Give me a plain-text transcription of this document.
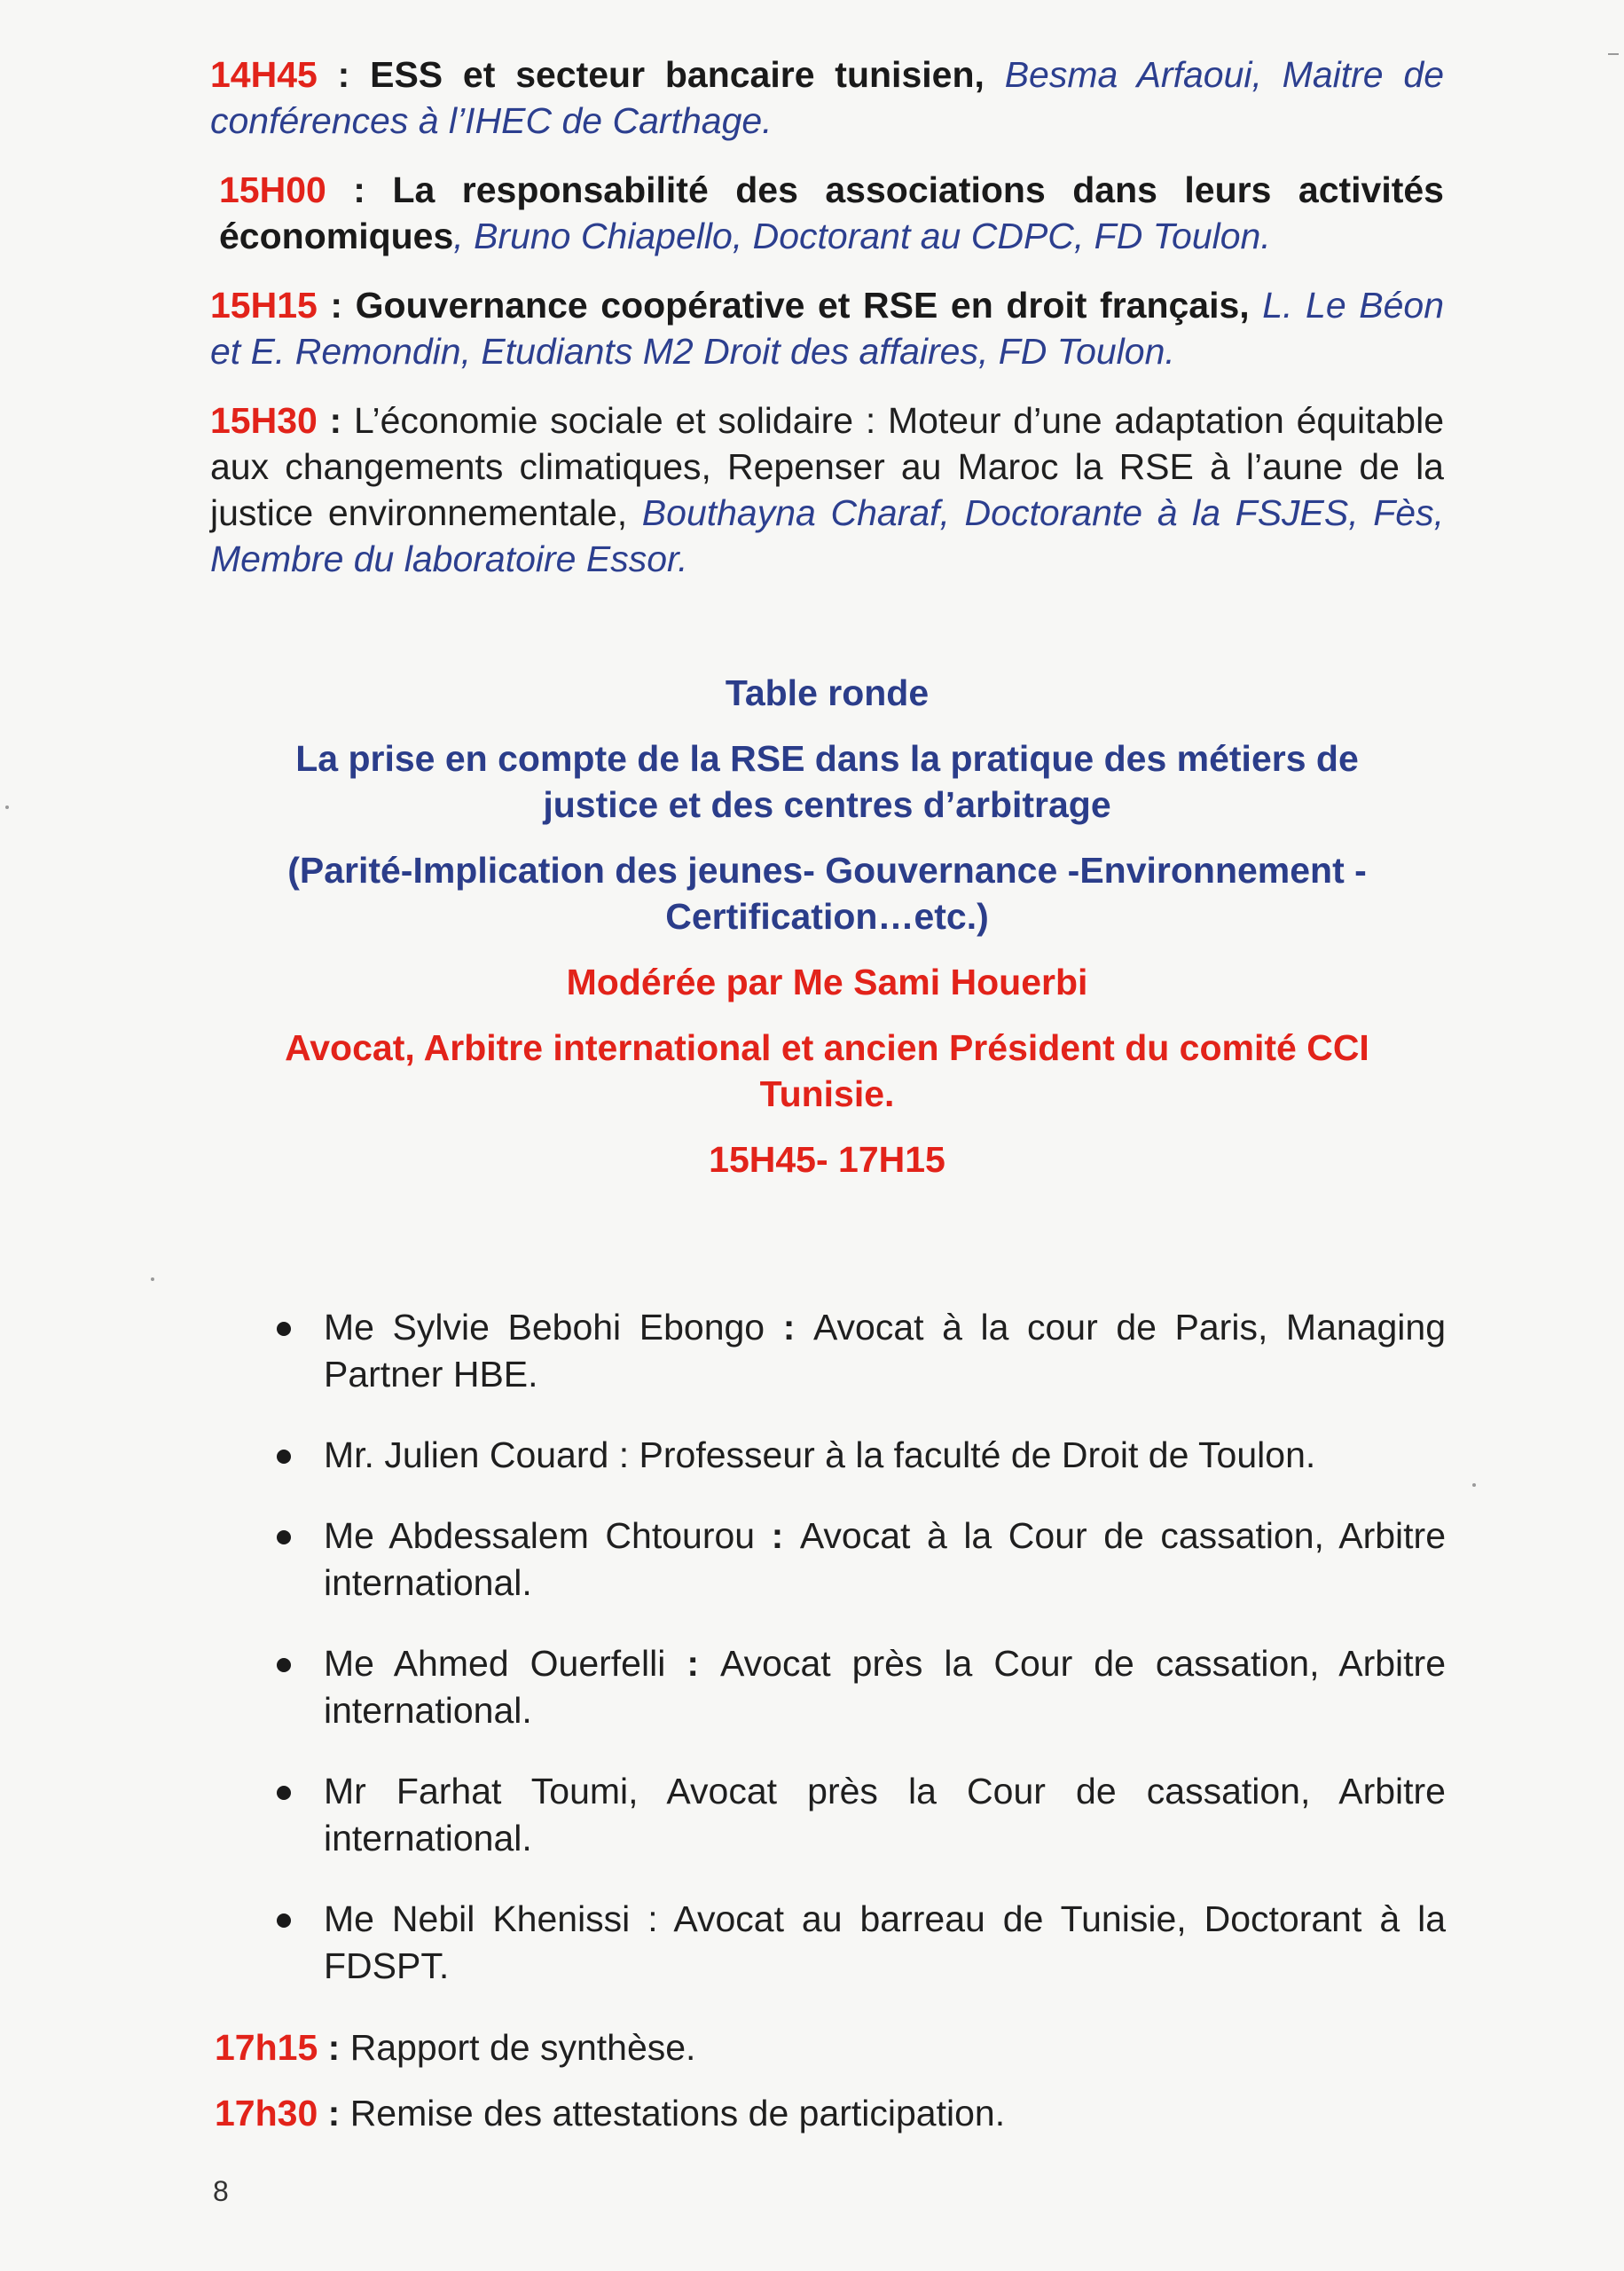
14H45 : ESS et secteur bancaire tunisien, Besma Arfaoui, Maitre de conférences à l’IHEC de Carthage.

15H00 : La responsabilité des associations dans leurs activités économiques, Bruno Chiapello, Doctorant au CDPC, FD Toulon.

15H15 : Gouvernance coopérative et RSE en droit français, L. Le Béon et E. Remondin, Etudiants M2 Droit des affaires, FD Toulon.

15H30 : L’économie sociale et solidaire : Moteur d’une adaptation équitable aux changements climatiques, Repenser au Maroc la RSE à l’aune de la justice environnementale, Bouthayna Charaf, Doctorante à la FSJES, Fès, Membre du laboratoire Essor.

Table ronde

La prise en compte de la RSE dans la pratique des métiers de justice et des centres d’arbitrage

(Parité-Implication des jeunes- Gouvernance -Environnement - Certification…etc.)

Modérée par Me Sami Houerbi

Avocat, Arbitre international et ancien Président du comité CCI Tunisie.

15H45- 17H15

Me Sylvie Bebohi Ebongo : Avocat à la cour de Paris, Managing Partner HBE.
Mr. Julien Couard : Professeur à la faculté de Droit de Toulon.
Me Abdessalem Chtourou : Avocat à la Cour de cassation, Arbitre international.
Me Ahmed Ouerfelli : Avocat près la Cour de cassation, Arbitre international.
Mr Farhat Toumi, Avocat près la Cour de cassation, Arbitre international.
Me Nebil Khenissi : Avocat au barreau de Tunisie, Doctorant à la FDSPT.

17h15 : Rapport de synthèse.

17h30 : Remise des attestations de participation.

8
